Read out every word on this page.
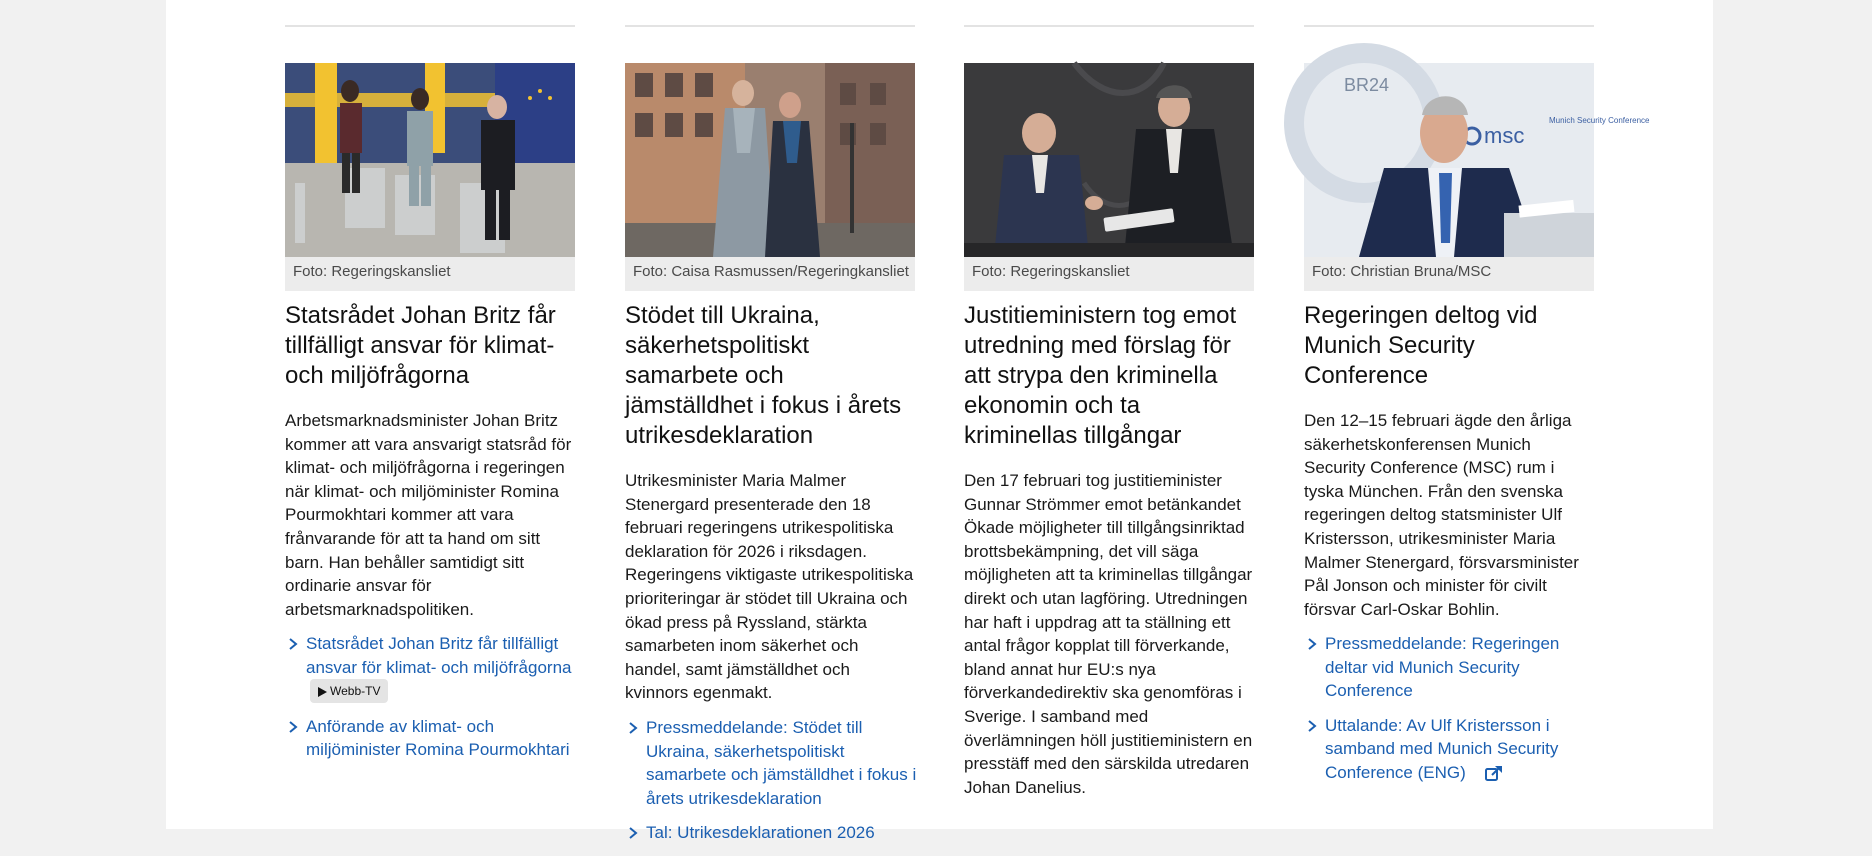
Foto: Regeringskansliet
Statsrådet Johan Britz får tillfälligt ansvar för klimat- och miljöfrågorna

Arbetsmarknadsminister Johan Britz kommer att vara ansvarigt statsråd för klimat- och miljöfrågorna i regeringen när klimat- och miljöminister Romina Pourmokhtari kommer att vara frånvarande för att ta hand om sitt barn. Han behåller samtidigt sitt ordinarie ansvar för arbetsmarknadspolitiken.

Statsrådet Johan Britz får tillfälligt ansvar för klimat- och miljöfrågorna Webb-TV
Anförande av klimat- och miljöminister Romina Pourmokhtari
Foto: Caisa Rasmussen/Regeringkansliet
Stödet till Ukraina, säkerhetspolitiskt samarbete och jämställdhet i fokus i årets utrikesdeklaration

Utrikesminister Maria Malmer Stenergard presenterade den 18 februari regeringens utrikespolitiska deklaration för 2026 i riksdagen. Regeringens viktigaste utrikespolitiska prioriteringar är stödet till Ukraina och ökad press på Ryssland, stärkta samarbeten inom säkerhet och handel, samt jämställdhet och kvinnors egenmakt.

Pressmeddelande: Stödet till Ukraina, säkerhetspolitiskt samarbete och jämställdhet i fokus i årets utrikesdeklaration
Tal: Utrikesdeklarationen 2026
Foto: Regeringskansliet
Justitieministern tog emot utredning med förslag för att strypa den kriminella ekonomin och ta kriminellas tillgångar

Den 17 februari tog justitieminister Gunnar Strömmer emot betänkandet Ökade möjligheter till tillgångsinriktad brottsbekämpning, det vill säga möjligheten att ta kriminellas tillgångar direkt och utan lagföring. Utredningen har haft i uppdrag att ta ställning ett antal frågor kopplat till förverkande, bland annat hur EU:s nya förverkandedirektiv ska genomföras i Sverige. I samband med överlämningen höll justitieministern en presstäff med den särskilda utredaren Johan Danelius.

BR24
msc
Munich Security Conference
Foto: Christian Bruna/MSC
Regeringen deltog vid Munich Security Conference

Den 12–15 februari ägde den årliga säkerhetskonferensen Munich Security Conference (MSC) rum i tyska München. Från den svenska regeringen deltog statsminister Ulf Kristersson, utrikesminister Maria Malmer Stenergard, försvarsminister Pål Jonson och minister för civilt försvar Carl-Oskar Bohlin.

Pressmeddelande: Regeringen deltar vid Munich Security Conference
Uttalande: Av Ulf Kristersson i samband med Munich Security Conference (ENG)
